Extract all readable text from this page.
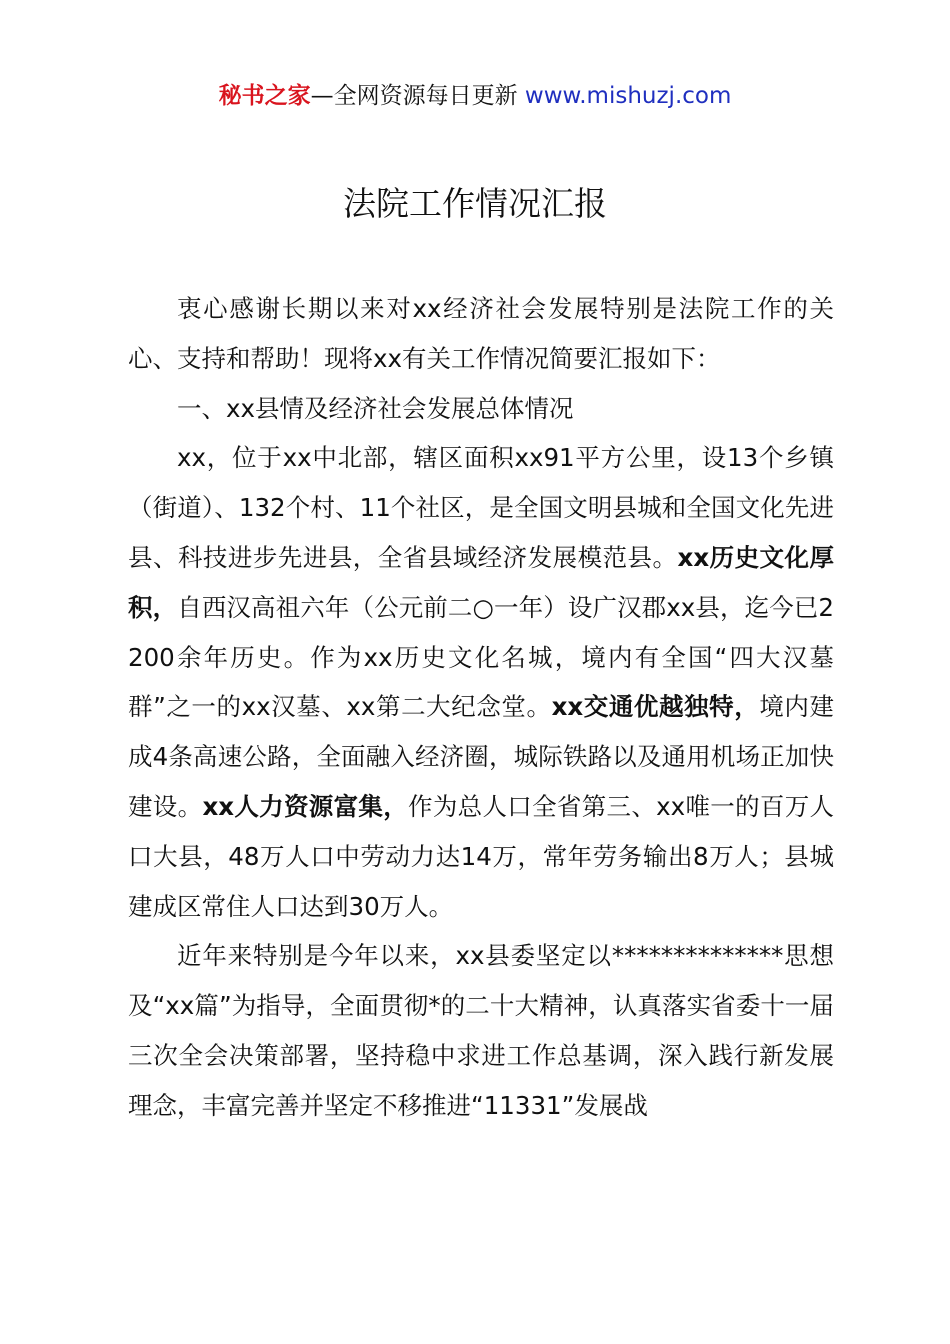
秘书之家—全网资源每日更新 www.mishuzj.com
法院工作情况汇报

衷心感谢长期以来对xx经济社会发展特别是法院工作的关心、支持和帮助！现将xx有关工作情况简要汇报如下：

一、xx县情及经济社会发展总体情况

xx，位于xx中北部，辖区面积xx91平方公里，设13个乡镇（街道）、132个村、11个社区，是全国文明县城和全国文化先进县、科技进步先进县，全省县域经济发展模范县。xx历史文化厚积，自西汉高祖六年（公元前二○一年）设广汉郡xx县，迄今已2200余年历史。作为xx历史文化名城，境内有全国“四大汉墓群”之一的xx汉墓、xx第二大纪念堂。xx交通优越独特，境内建成4条高速公路，全面融入经济圈，城际铁路以及通用机场正加快建设。xx人力资源富集，作为总人口全省第三、xx唯一的百万人口大县，48万人口中劳动力达14万，常年劳务输出8万人；县城建成区常住人口达到30万人。

近年来特别是今年以来，xx县委坚定以**************思想及“xx篇”为指导，全面贯彻*的二十大精神，认真落实省委十一届三次全会决策部署，坚持稳中求进工作总基调，深入践行新发展理念，丰富完善并坚定不移推进“11331”发展战
